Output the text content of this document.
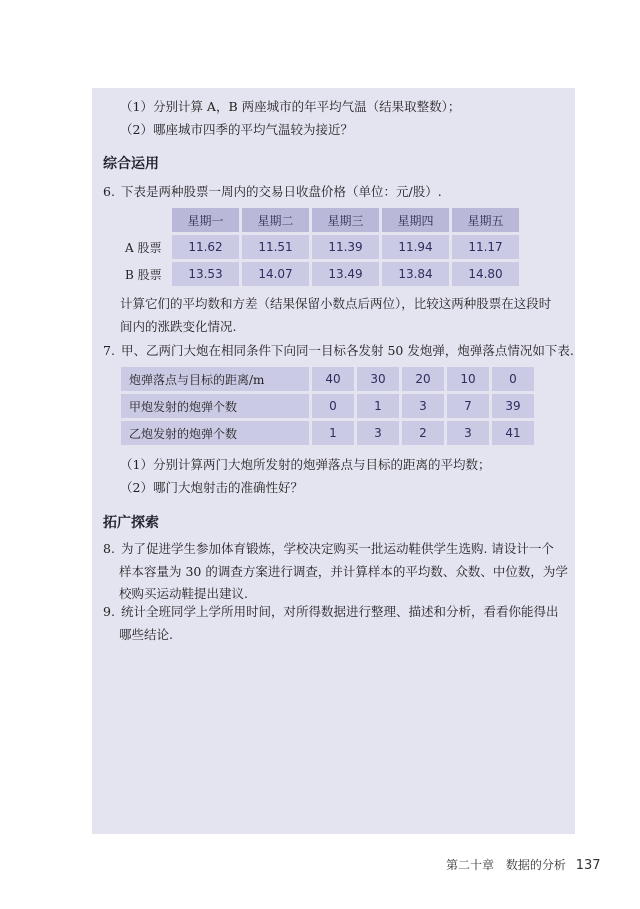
（1）分别计算 A，B 两座城市的年平均气温（结果取整数）；
（2）哪座城市四季的平均气温较为接近？
综合运用
6. 下表是两种股票一周内的交易日收盘价格（单位：元/股）.
	星期一	星期二	星期三	星期四	星期五
A 股票	11.62	11.51	11.39	11.94	11.17
B 股票	13.53	14.07	13.49	13.84	14.80
计算它们的平均数和方差（结果保留小数点后两位），比较这两种股票在这段时
间内的涨跌变化情况.
7. 甲、乙两门大炮在相同条件下向同一目标各发射 50 发炮弹，炮弹落点情况如下表.
炮弹落点与目标的距离/m	40	30	20	10	0
甲炮发射的炮弹个数	0	1	3	7	39
乙炮发射的炮弹个数	1	3	2	3	41
（1）分别计算两门大炮所发射的炮弹落点与目标的距离的平均数；
（2）哪门大炮射击的准确性好？
拓广探索
8. 为了促进学生参加体育锻炼，学校决定购买一批运动鞋供学生选购. 请设计一个
样本容量为 30 的调查方案进行调查，并计算样本的平均数、众数、中位数，为学
校购买运动鞋提出建议.
9. 统计全班同学上学所用时间，对所得数据进行整理、描述和分析，看看你能得出
哪些结论.
第二十章 数据的分析 137
